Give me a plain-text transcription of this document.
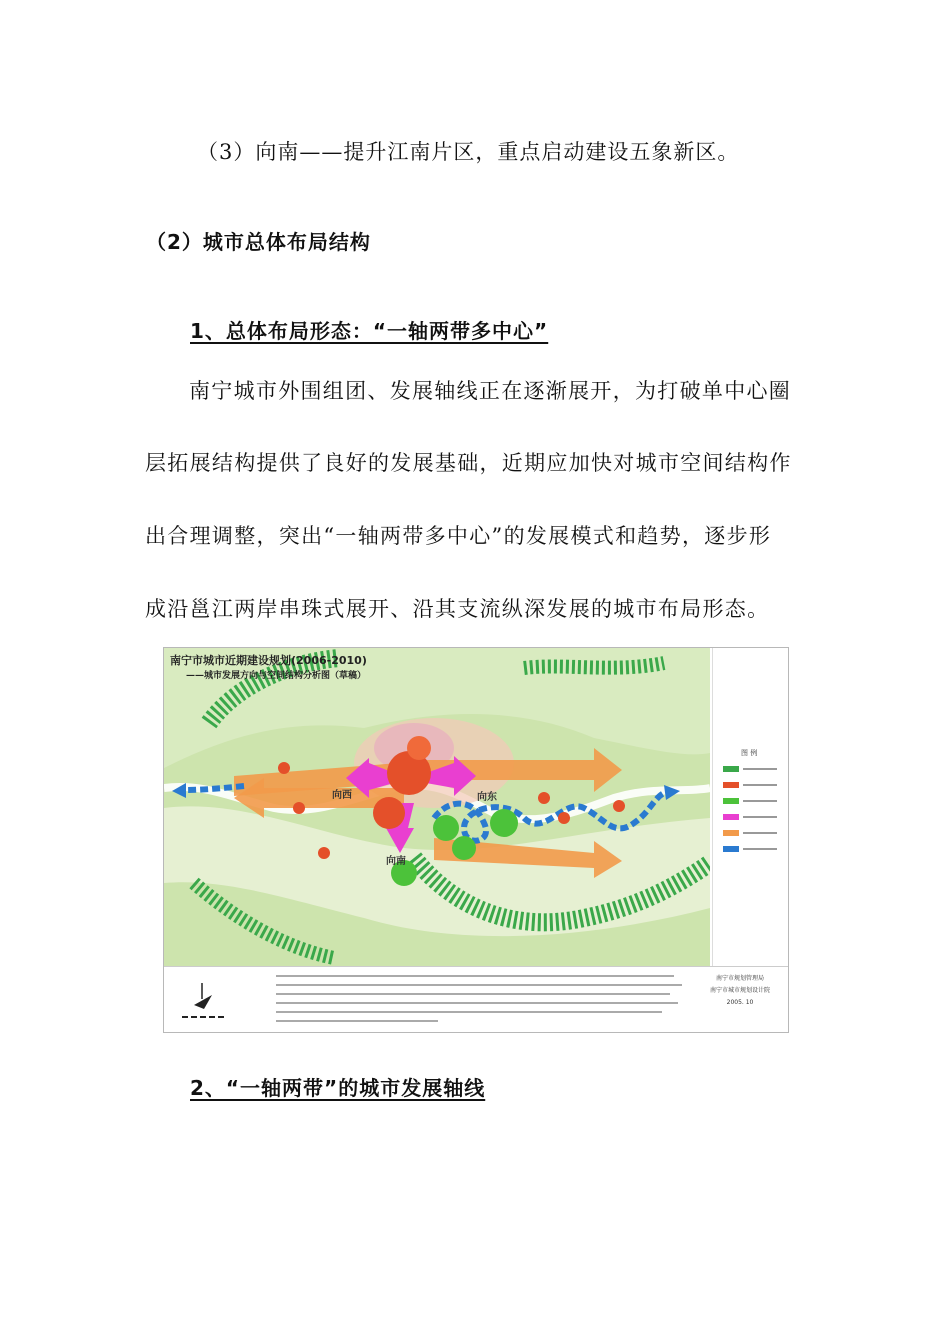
（3）向南——提升江南片区，重点启动建设五象新区。
（2）城市总体布局结构
1、总体布局形态：“一轴两带多中心”
南宁城市外围组团、发展轴线正在逐渐展开，为打破单中心圈
层拓展结构提供了良好的发展基础，近期应加快对城市空间结构作
出合理调整，突出“一轴两带多中心”的发展模式和趋势，逐步形
成沿邕江两岸串珠式展开、沿其支流纵深发展的城市布局形态。
南宁市城市近期建设规划(2006-2010)
——城市发展方向与空间结构分析图（草稿）
向西	向东
向南
图 例
南宁市规划管理局
南宁市城市规划设计院
2005. 10
2、“一轴两带”的城市发展轴线
